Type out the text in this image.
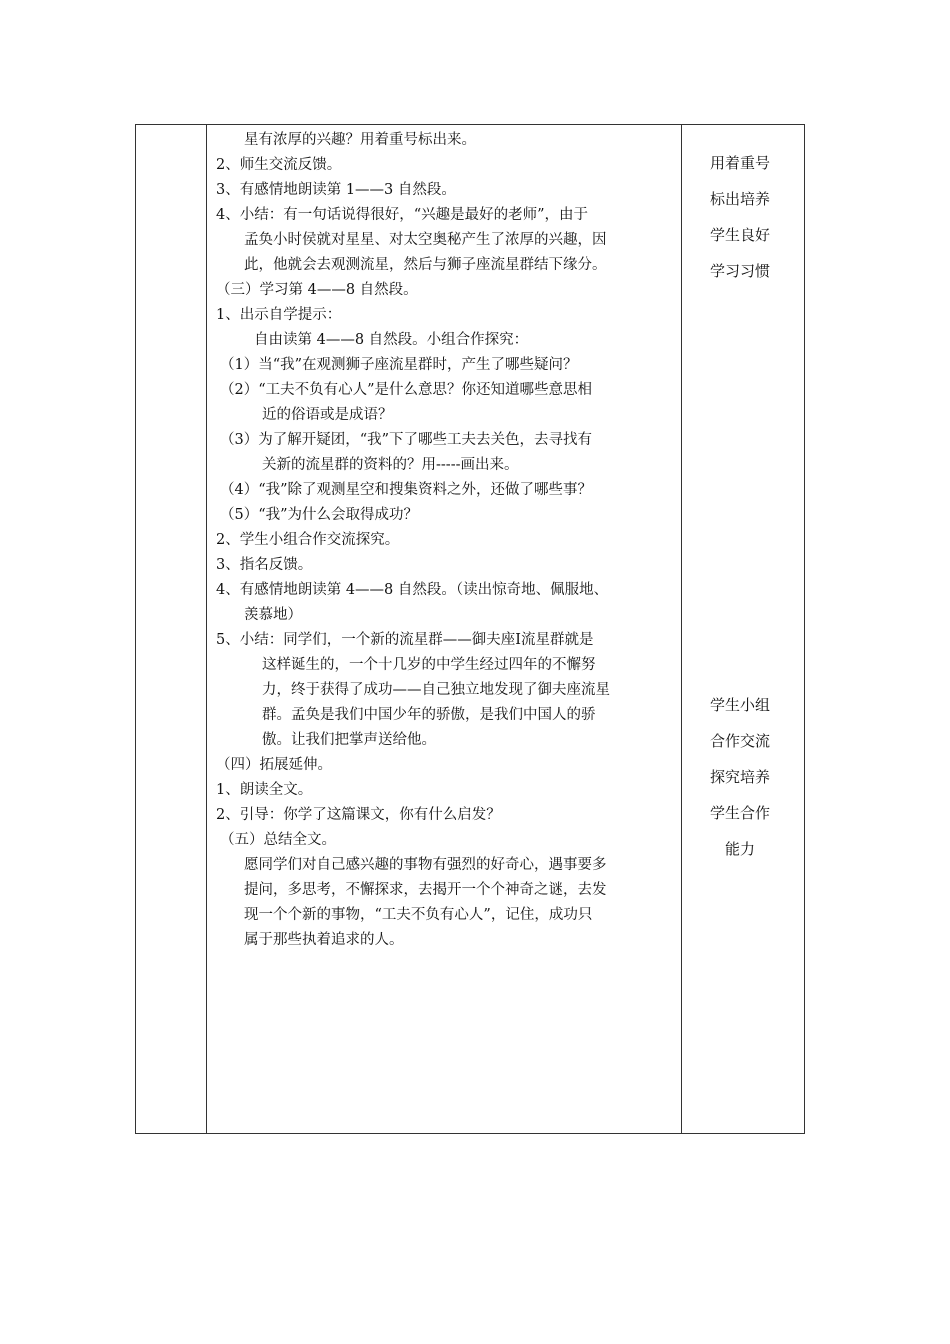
星有浓厚的兴趣？用着重号标出来。
2、师生交流反馈。
3、有感情地朗读第 1——3 自然段。
4、小结：有一句话说得很好，“兴趣是最好的老师”，由于
孟奂小时侯就对星星、对太空奥秘产生了浓厚的兴趣，因
此，他就会去观测流星，然后与狮子座流星群结下缘分。
（三）学习第 4——8 自然段。
1、出示自学提示：
自由读第 4——8 自然段。小组合作探究：
（1）当“我”在观测狮子座流星群时，产生了哪些疑问？
（2）“工夫不负有心人”是什么意思？你还知道哪些意思相
近的俗语或是成语？
（3）为了解开疑团，“我”下了哪些工夫去关色，去寻找有
关新的流星群的资料的？用-----画出来。
（4）“我”除了观测星空和搜集资料之外，还做了哪些事？
（5）“我”为什么会取得成功？
2、学生小组合作交流探究。
3、指名反馈。
4、有感情地朗读第 4——8 自然段。（读出惊奇地、佩服地、
羡慕地）
5、小结：同学们，一个新的流星群——御夫座Ⅰ流星群就是
这样诞生的，一个十几岁的中学生经过四年的不懈努
力，终于获得了成功——自己独立地发现了御夫座流星
群。孟奂是我们中国少年的骄傲，是我们中国人的骄
傲。让我们把掌声送给他。
（四）拓展延伸。
1、朗读全文。
2、引导：你学了这篇课文，你有什么启发？
（五）总结全文。
愿同学们对自己感兴趣的事物有强烈的好奇心，遇事要多
提问，多思考，不懈探求，去揭开一个个神奇之谜，去发
现一个个新的事物，“工夫不负有心人”，记住，成功只
属于那些执着追求的人。
用着重号
标出培养
学生良好
学习习惯
学生小组
合作交流
探究培养
学生合作
能力
